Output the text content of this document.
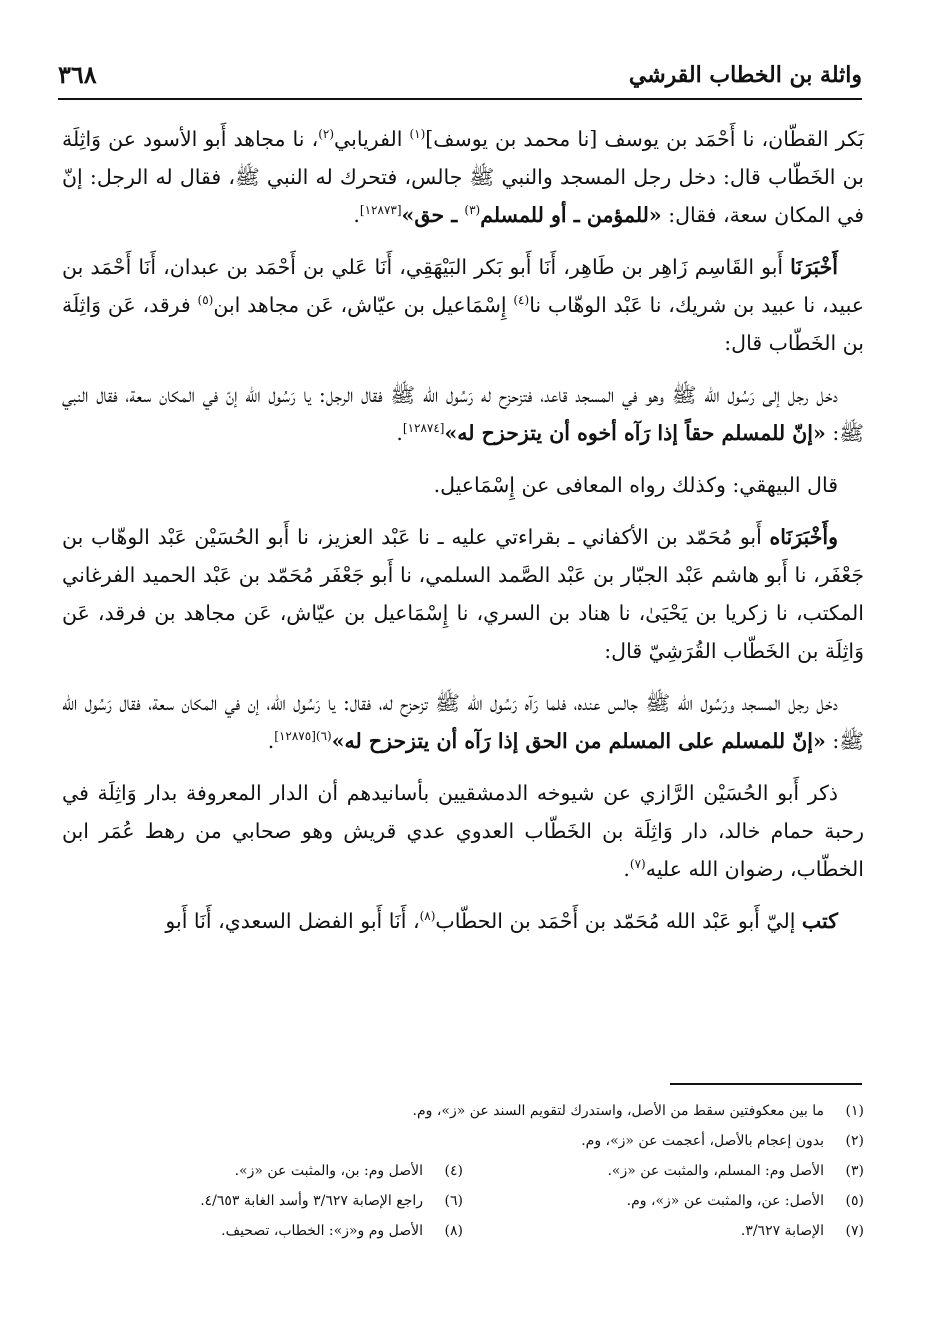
واثلة بن الخطاب القرشي
٣٦٨

بَكر القطّان، نا أَحْمَد بن يوسف [نا محمد بن يوسف]$^{(١)}$ الفريابي$^{(٢)}$، نا مجاهد أَبو الأسود عن وَاثِلَة بن الخَطّاب قال: دخل رجل المسجد والنبي ﷺ جالس، فتحرك له النبي ﷺ، فقال له الرجل: إنّ في المكان سعة، فقال: «للمؤمن ـ أو للمسلم$^{(٣)}$ ـ حق»[١٢٨٧٣].

أَخْبَرَنَا أَبو القَاسِم زَاهِر بن طَاهِر، أَنَا أَبو بَكر البَيْهَقِي، أَنَا عَلي بن أَحْمَد بن عبدان، أَنَا أَحْمَد بن عبيد، نا عبيد بن شريك، نا عَبْد الوهّاب نا$^{(٤)}$ إِسْمَاعيل بن عيّاش، عَن مجاهد ابن$^{(٥)}$ فرقد، عَن وَاثِلَة بن الخَطّاب قال:

دخل رجل إلى رَسُول الله ﷺ وهو في المسجد قاعد، فتزحزح له رَسُول الله ﷺ فقال الرجل: يا رَسُول الله إنّ في المكان سعة، فقال النبي ﷺ: «إنّ للمسلم حقاً إذا رَآه أخوه أن يتزحزح له»[١٢٨٧٤].

قال البيهقي: وكذلك رواه المعافى عن إِسْمَاعيل.

وأَخْبَرَنَاه أَبو مُحَمّد بن الأكفاني ـ بقراءتي عليه ـ نا عَبْد العزيز، نا أَبو الحُسَيْن عَبْد الوهّاب بن جَعْفَر، نا أَبو هاشم عَبْد الجبّار بن عَبْد الصَّمد السلمي، نا أَبو جَعْفَر مُحَمّد بن عَبْد الحميد الفرغاني المكتب، نا زكريا بن يَحْيَىٰ، نا هناد بن السري، نا إِسْمَاعيل بن عيّاش، عَن مجاهد بن فرقد، عَن وَاثِلَة بن الخَطّاب القُرَشِيّ قال:

دخل رجل المسجد ورَسُول الله ﷺ جالس عنده، فلما رَآه رَسُول الله ﷺ تزحزح له، فقال: يا رَسُول الله، إن في المكان سعة، فقال رَسُول الله ﷺ: «إنّ للمسلم على المسلم من الحق إذا رَآه أن يتزحزح له»$^{(٦)[١٢٨٧٥]}$.

ذكر أَبو الحُسَيْن الرَّازي عن شيوخه الدمشقيين بأسانيدهم أن الدار المعروفة بدار وَاثِلَة في رحبة حمام خالد، دار وَاثِلَة بن الخَطّاب العدوي عدي قريش وهو صحابي من رهط عُمَر ابن الخطّاب، رضوان الله عليه$^{(٧)}$.

كتب إليّ أَبو عَبْد الله مُحَمّد بن أَحْمَد بن الحطّاب$^{(٨)}$، أَنَا أَبو الفضل السعدي، أَنَا أَبو

(١)
ما بين معكوفتين سقط من الأصل، واستدرك لتقويم السند عن «ز»، وم.
(٢)
بدون إعجام بالأصل، أعجمت عن «ز»، وم.
(٣)
الأصل وم: المسلم، والمثبت عن «ز».
(٤)
الأصل وم: بن، والمثبت عن «ز».
(٥)
الأصل: عن، والمثبت عن «ز»، وم.
(٦)
راجع الإصابة ٣/٦٢٧ وأسد الغابة ٤/٦٥٣.
(٧)
الإصابة ٣/٦٢٧.
(٨)
الأصل وم و«ز»: الخطاب، تصحيف.
